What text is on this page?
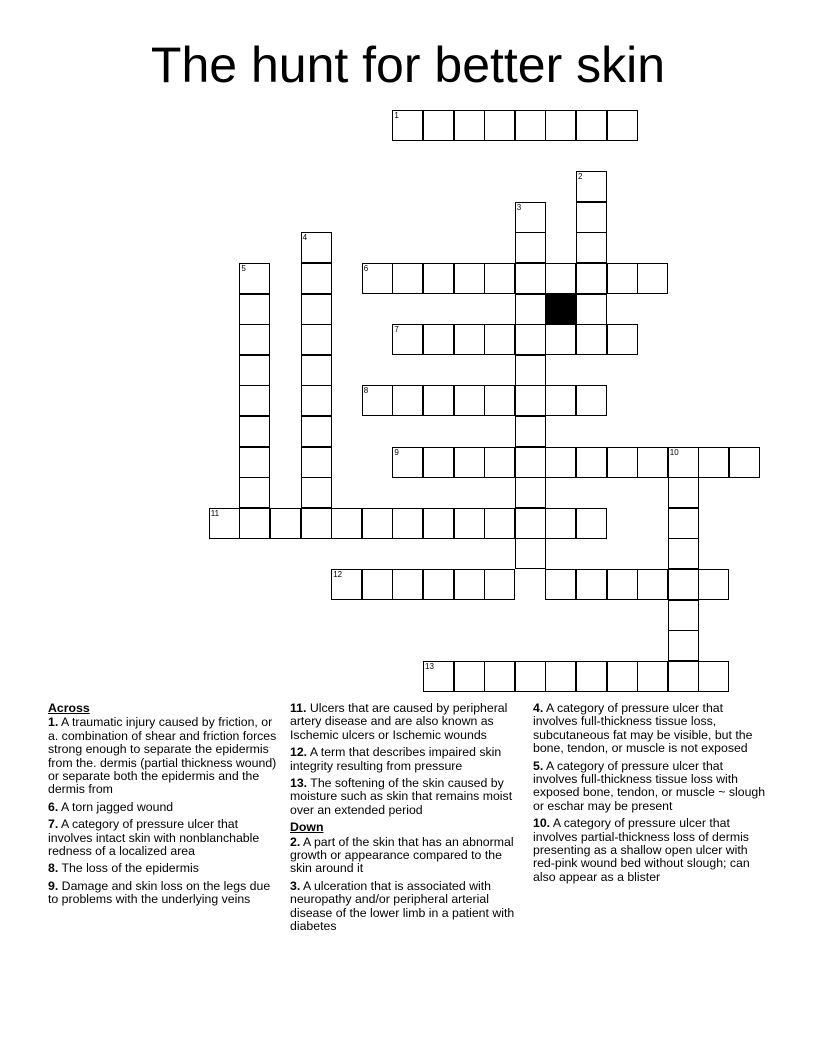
The hunt for better skin
1
2
3
4
5	6
7
8
9	10
11
12
13
Across
1. A traumatic injury caused by friction, or a. combination of shear and friction forces strong enough to separate the epidermis from the. dermis (partial thickness wound) or separate both the epidermis and the dermis from
6. A torn jagged wound
7. A category of pressure ulcer that involves intact skin with nonblanchable redness of a localized area
8. The loss of the epidermis
9. Damage and skin loss on the legs due to problems with the underlying veins
11. Ulcers that are caused by peripheral artery disease and are also known as Ischemic ulcers or Ischemic wounds
12. A term that describes impaired skin integrity resulting from pressure
13. The softening of the skin caused by moisture such as skin that remains moist over an extended period
Down
2. A part of the skin that has an abnormal growth or appearance compared to the skin around it
3. A ulceration that is associated with neuropathy and/or peripheral arterial disease of the lower limb in a patient with diabetes
4. A category of pressure ulcer that involves full-thickness tissue loss, subcutaneous fat may be visible, but the bone, tendon, or muscle is not exposed
5. A category of pressure ulcer that involves full-thickness tissue loss with exposed bone, tendon, or muscle ~ slough or eschar may be present
10. A category of pressure ulcer that involves partial-thickness loss of dermis presenting as a shallow open ulcer with red-pink wound bed without slough; can also appear as a blister
